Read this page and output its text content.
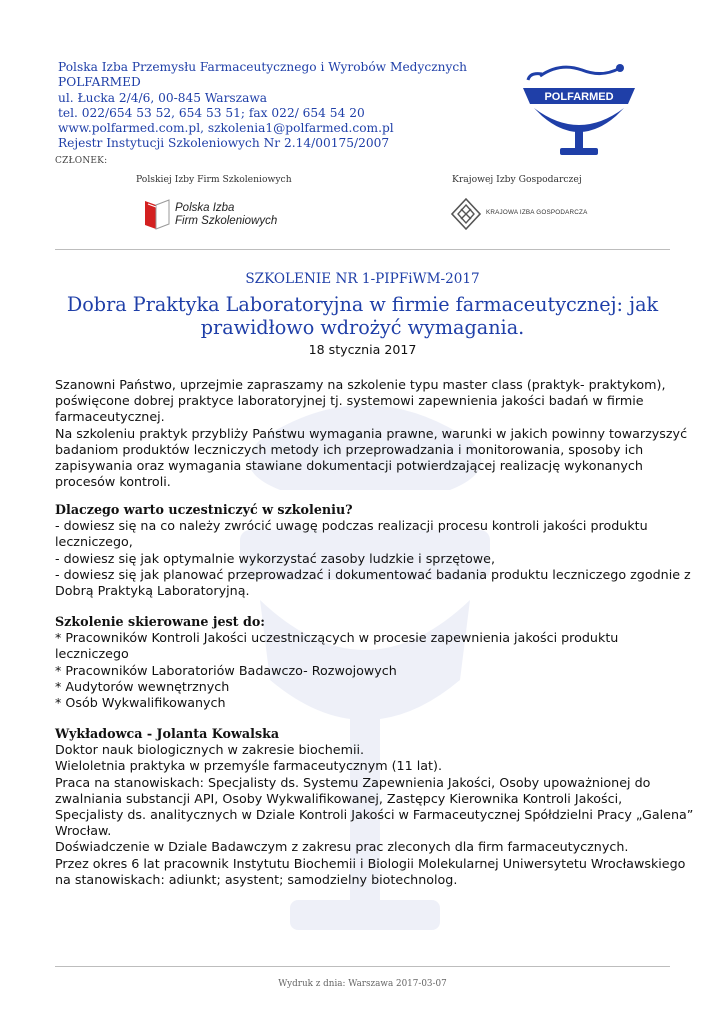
Polska Izba Przemysłu Farmaceutycznego i Wyrobów Medycznych
POLFARMED
ul. Łucka 2/4/6, 00-845 Warszawa
tel. 022/654 53 52, 654 53 51; fax 022/ 654 54 20
www.polfarmed.com.pl, szkolenia1@polfarmed.com.pl
Rejestr Instytucji Szkoleniowych Nr 2.14/00175/2007
POLFARMED
CZŁONEK:
Polskiej Izby Firm Szkoleniowych	Krajowej Izby Gospodarczej
Polska Izba
Firm Szkoleniowych
KRAJOWA IZBA GOSPODARCZA
SZKOLENIE NR 1-PIPFiWM-2017
Dobra Praktyka Laboratoryjna w firmie farmaceutycznej: jak
prawidłowo wdrożyć wymagania.
18 stycznia 2017

Szanowni Państwo, uprzejmie zapraszamy na szkolenie typu master class (praktyk- praktykom),

poświęcone dobrej praktyce laboratoryjnej tj. systemowi zapewnienia jakości badań w firmie

farmaceutycznej.

Na szkoleniu praktyk przybliży Państwu wymagania prawne, warunki w jakich powinny towarzyszyć

badaniom produktów leczniczych metody ich przeprowadzania i monitorowania, sposoby ich

zapisywania oraz wymagania stawiane dokumentacji potwierdzającej realizację wykonanych

procesów kontroli.

Dlaczego warto uczestniczyć w szkoleniu?

- dowiesz się na co należy zwrócić uwagę podczas realizacji procesu kontroli jakości produktu

leczniczego,

- dowiesz się jak optymalnie wykorzystać zasoby ludzkie i sprzętowe,

- dowiesz się jak planować przeprowadzać i dokumentować badania produktu leczniczego zgodnie z

Dobrą Praktyką Laboratoryjną.

Szkolenie skierowane jest do:

* Pracowników Kontroli Jakości uczestniczących w procesie zapewnienia jakości produktu

leczniczego

* Pracowników Laboratoriów Badawczo- Rozwojowych

* Audytorów wewnętrznych

* Osób Wykwalifikowanych

Wykładowca - Jolanta Kowalska

Doktor nauk biologicznych w zakresie biochemii.

Wieloletnia praktyka w przemyśle farmaceutycznym (11 lat).

Praca na stanowiskach: Specjalisty ds. Systemu Zapewnienia Jakości, Osoby upoważnionej do

zwalniania substancji API, Osoby Wykwalifikowanej, Zastępcy Kierownika Kontroli Jakości,

Specjalisty ds. analitycznych w Dziale Kontroli Jakości w Farmaceutycznej Spółdzielni Pracy „Galena”

Wrocław.

Doświadczenie w Dziale Badawczym z zakresu prac zleconych dla firm farmaceutycznych.

Przez okres 6 lat pracownik Instytutu Biochemii i Biologii Molekularnej Uniwersytetu Wrocławskiego

na stanowiskach: adiunkt; asystent; samodzielny biotechnolog.

Wydruk z dnia: Warszawa 2017-03-07
